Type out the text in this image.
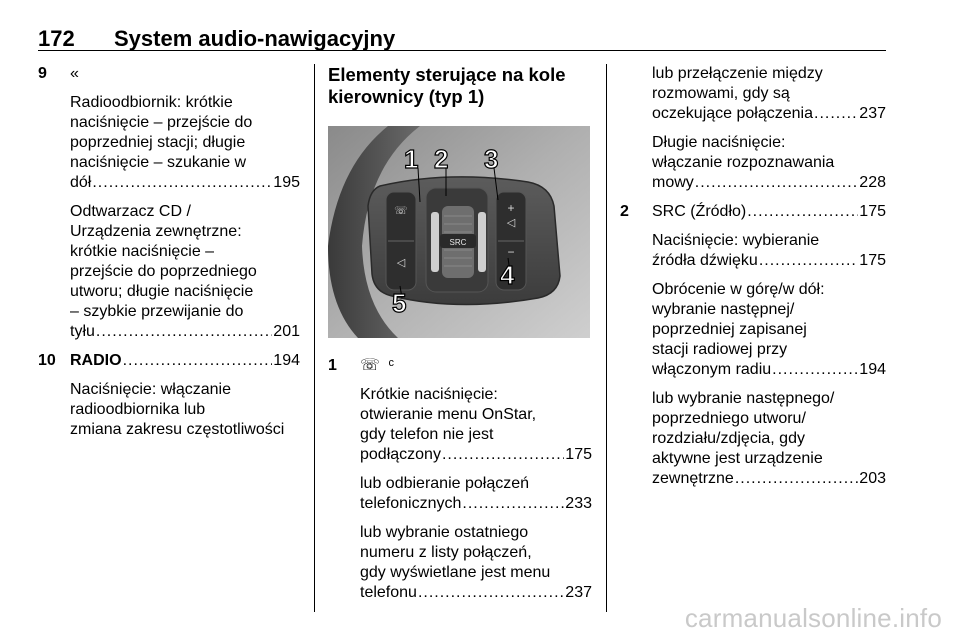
172 System audio-nawigacyjny
9 «
Radioodbiornik: krótkie
naciśnięcie – przejście do
poprzedniej stacji; długie
naciśnięcie – szukanie w
dół .....	195
Odtwarzacz CD /
Urządzenia zewnętrzne:
krótkie naciśnięcie –
przejście do poprzedniego
utworu; długie naciśnięcie
– szybkie przewijanie do
tyłu .....	201
10 RADIO .....	194
Naciśnięcie: włączanie
radioodbiornika lub
zmiana zakresu częstotliwości
Elementy sterujące na kole
kierownicy (typ 1)
SRC
+
◁
−
☏
◁
1 2 3
4
5
1 ☏ ᶜ
Krótkie naciśnięcie:
otwieranie menu OnStar,
gdy telefon nie jest
podłączony .....	175
lub odbieranie połączeń
telefonicznych .....	233
lub wybranie ostatniego
numeru z listy połączeń,
gdy wyświetlane jest menu
telefonu .....	237
lub przełączenie między
rozmowami, gdy są
oczekujące połączenia .....	237
Długie naciśnięcie:
włączanie rozpoznawania
mowy .....	228
2 SRC (Źródło) .....	175
Naciśnięcie: wybieranie
źródła dźwięku .....	175
Obrócenie w górę/w dół:
wybranie następnej/
poprzedniej zapisanej
stacji radiowej przy
włączonym radiu .....	194
lub wybranie następnego/
poprzedniego utworu/
rozdziału/zdjęcia, gdy
aktywne jest urządzenie
zewnętrzne .....	203
carmanualsonline.info
